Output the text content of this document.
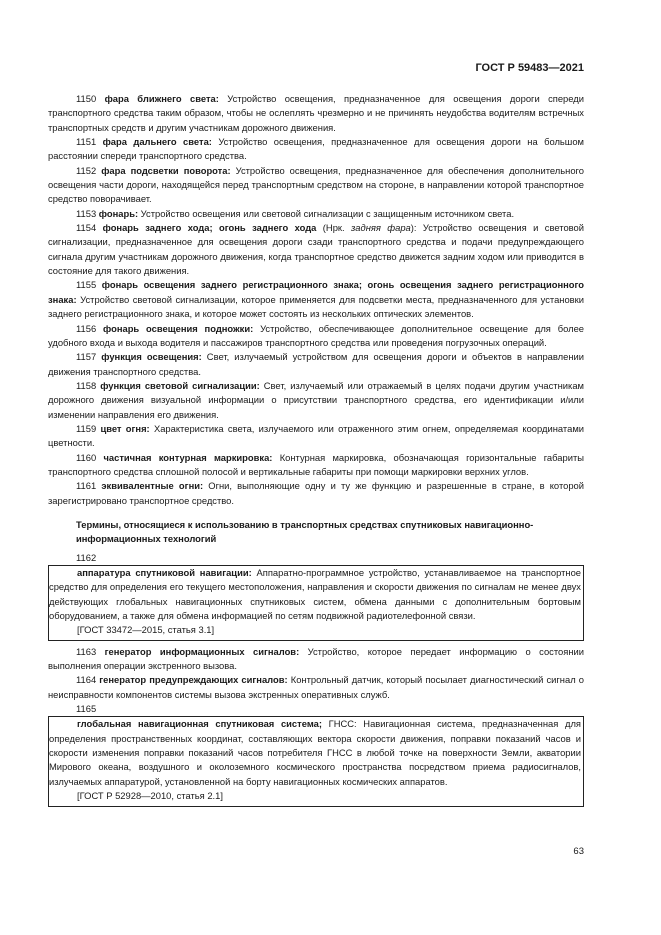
ГОСТ Р 59483—2021

1150 фара ближнего света: Устройство освещения, предназначенное для освещения дороги спереди транспортного средства таким образом, чтобы не ослеплять чрезмерно и не причинять неудобства водителям встречных транспортных средств и другим участникам дорожного движения.

1151 фара дальнего света: Устройство освещения, предназначенное для освещения дороги на большом расстоянии спереди транспортного средства.

1152 фара подсветки поворота: Устройство освещения, предназначенное для обеспечения дополнительного освещения части дороги, находящейся перед транспортным средством на стороне, в направлении которой транспортное средство поворачивает.

1153 фонарь: Устройство освещения или световой сигнализации с защищенным источником света.

1154 фонарь заднего хода; огонь заднего хода (Нрк. задняя фара): Устройство освещения и световой сигнализации, предназначенное для освещения дороги сзади транспортного средства и подачи предупреждающего сигнала другим участникам дорожного движения, когда транспортное средство движется задним ходом или приводится в состояние для такого движения.

1155 фонарь освещения заднего регистрационного знака; огонь освещения заднего регистрационного знака: Устройство световой сигнализации, которое применяется для подсветки места, предназначенного для установки заднего регистрационного знака, и которое может состоять из нескольких оптических элементов.

1156 фонарь освещения подножки: Устройство, обеспечивающее дополнительное освещение для более удобного входа и выхода водителя и пассажиров транспортного средства или проведения погрузочных операций.

1157 функция освещения: Свет, излучаемый устройством для освещения дороги и объектов в направлении движения транспортного средства.

1158 функция световой сигнализации: Свет, излучаемый или отражаемый в целях подачи другим участникам дорожного движения визуальной информации о присутствии транспортного средства, его идентификации и/или изменении направления его движения.

1159 цвет огня: Характеристика света, излучаемого или отраженного этим огнем, определяемая координатами цветности.

1160 частичная контурная маркировка: Контурная маркировка, обозначающая горизонтальные габариты транспортного средства сплошной полосой и вертикальные габариты при помощи маркировки верхних углов.

1161 эквивалентные огни: Огни, выполняющие одну и ту же функцию и разрешенные в стране, в которой зарегистрировано транспортное средство.

Термины, относящиеся к использованию в транспортных средствах спутниковых навигационно-информационных технологий
1162

аппаратура спутниковой навигации: Аппаратно-программное устройство, устанавливаемое на транспортное средство для определения его текущего местоположения, направления и скорости движения по сигналам не менее двух действующих глобальных навигационных спутниковых систем, обмена данными с дополнительным бортовым оборудованием, а также для обмена информацией по сетям подвижной радиотелефонной связи.

[ГОСТ 33472—2015, статья 3.1]

1163 генератор информационных сигналов: Устройство, которое передает информацию о состоянии выполнения операции экстренного вызова.

1164 генератор предупреждающих сигналов: Контрольный датчик, который посылает диагностический сигнал о неисправности компонентов системы вызова экстренных оперативных служб.

1165

глобальная навигационная спутниковая система; ГНСС: Навигационная система, предназначенная для определения пространственных координат, составляющих вектора скорости движения, поправки показаний часов и скорости изменения поправки показаний часов потребителя ГНСС в любой точке на поверхности Земли, акватории Мирового океана, воздушного и околоземного космического пространства посредством приема радиосигналов, излучаемых аппаратурой, установленной на борту навигационных космических аппаратов.

[ГОСТ Р 52928—2010, статья 2.1]
63
